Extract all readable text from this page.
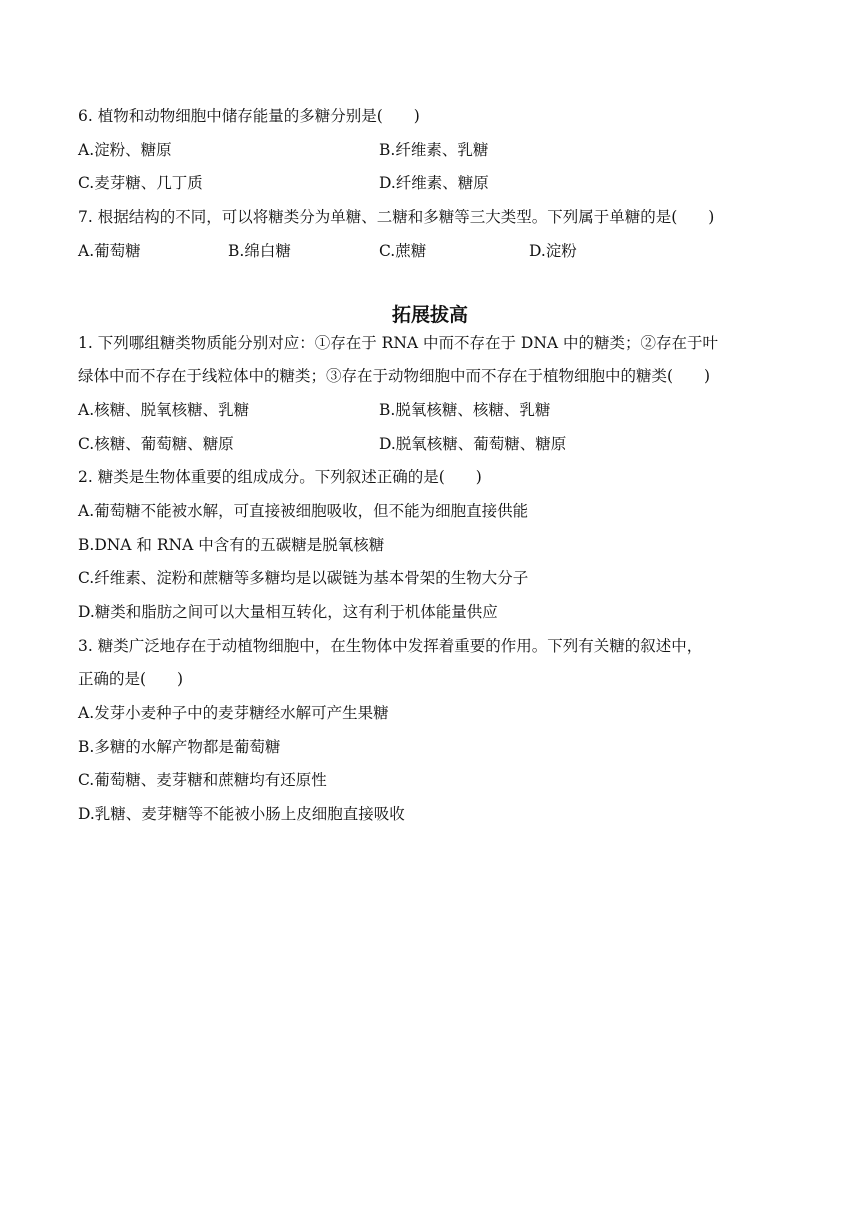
6. 植物和动物细胞中储存能量的多糖分别是(　　)
A.淀粉、糖原	B.纤维素、乳糖
C.麦芽糖、几丁质	D.纤维素、糖原
7. 根据结构的不同，可以将糖类分为单糖、二糖和多糖等三大类型。下列属于单糖的是(　　)
A.葡萄糖	B.绵白糖	C.蔗糖	D.淀粉
拓展拔高
1. 下列哪组糖类物质能分别对应：①存在于 RNA 中而不存在于 DNA 中的糖类；②存在于叶
绿体中而不存在于线粒体中的糖类；③存在于动物细胞中而不存在于植物细胞中的糖类(　　)
A.核糖、脱氧核糖、乳糖	B.脱氧核糖、核糖、乳糖
C.核糖、葡萄糖、糖原	D.脱氧核糖、葡萄糖、糖原
2. 糖类是生物体重要的组成成分。下列叙述正确的是(　　)
A.葡萄糖不能被水解，可直接被细胞吸收，但不能为细胞直接供能
B.DNA 和 RNA 中含有的五碳糖是脱氧核糖
C.纤维素、淀粉和蔗糖等多糖均是以碳链为基本骨架的生物大分子
D.糖类和脂肪之间可以大量相互转化，这有利于机体能量供应
3. 糖类广泛地存在于动植物细胞中，在生物体中发挥着重要的作用。下列有关糖的叙述中，
正确的是(　　)
A.发芽小麦种子中的麦芽糖经水解可产生果糖
B.多糖的水解产物都是葡萄糖
C.葡萄糖、麦芽糖和蔗糖均有还原性
D.乳糖、麦芽糖等不能被小肠上皮细胞直接吸收
